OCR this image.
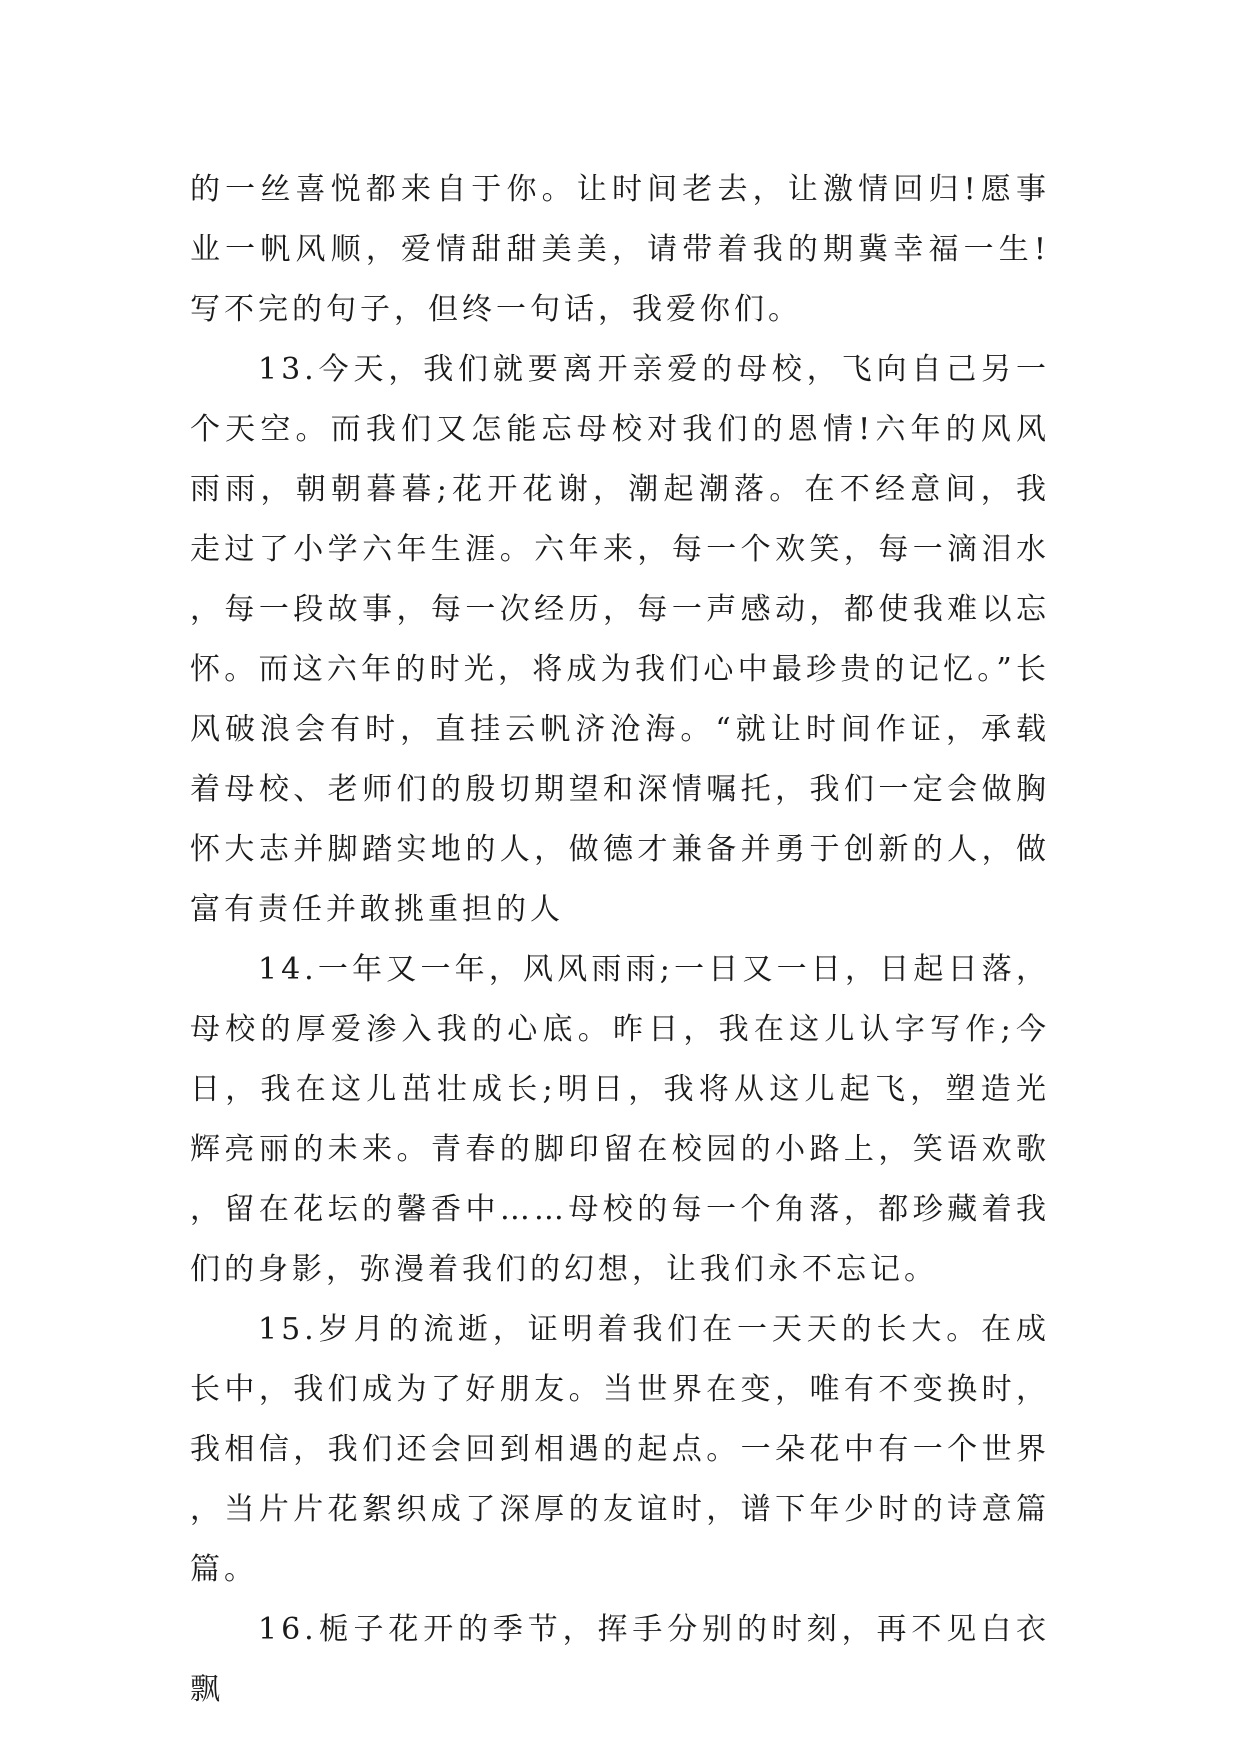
的一丝喜悦都来自于你。让时间老去，让激情回归!愿事业一帆风顺，爱情甜甜美美，请带着我的期冀幸福一生!写不完的句子，但终一句话，我爱你们。

13.今天，我们就要离开亲爱的母校，飞向自己另一个天空。而我们又怎能忘母校对我们的恩情!六年的风风雨雨，朝朝暮暮;花开花谢，潮起潮落。在不经意间，我走过了小学六年生涯。六年来，每一个欢笑，每一滴泪水，每一段故事，每一次经历，每一声感动，都使我难以忘怀。而这六年的时光，将成为我们心中最珍贵的记忆。”长风破浪会有时，直挂云帆济沧海。“就让时间作证，承载着母校、老师们的殷切期望和深情嘱托，我们一定会做胸怀大志并脚踏实地的人，做德才兼备并勇于创新的人，做富有责任并敢挑重担的人

14.一年又一年，风风雨雨;一日又一日，日起日落，母校的厚爱渗入我的心底。昨日，我在这儿认字写作;今日，我在这儿茁壮成长;明日，我将从这儿起飞，塑造光辉亮丽的未来。青春的脚印留在校园的小路上，笑语欢歌，留在花坛的馨香中……母校的每一个角落，都珍藏着我们的身影，弥漫着我们的幻想，让我们永不忘记。

15.岁月的流逝，证明着我们在一天天的长大。在成长中，我们成为了好朋友。当世界在变，唯有不变换时，我相信，我们还会回到相遇的起点。一朵花中有一个世界，当片片花絮织成了深厚的友谊时，谱下年少时的诗意篇篇。

16.栀子花开的季节，挥手分别的时刻，再不见白衣飘
